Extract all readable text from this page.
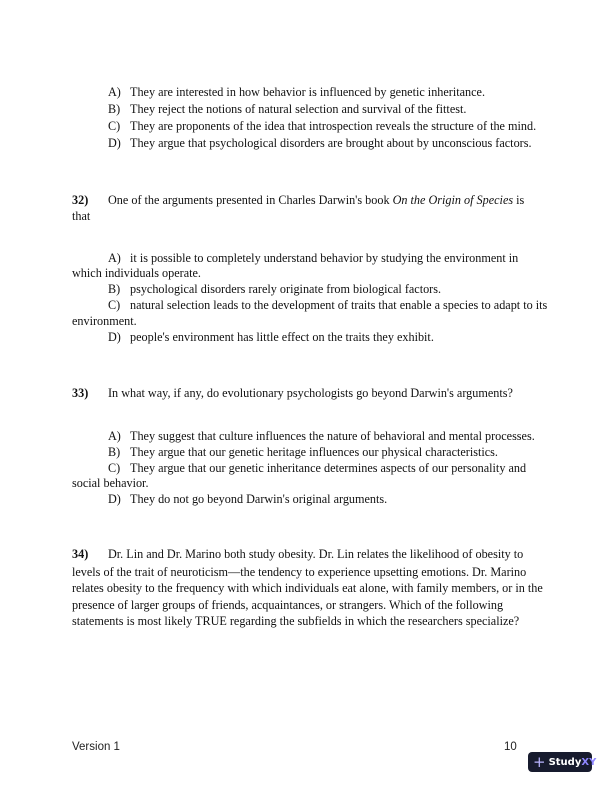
A) They are interested in how behavior is influenced by genetic inheritance.
B) They reject the notions of natural selection and survival of the fittest.
C) They are proponents of the idea that introspection reveals the structure of the mind.
D) They argue that psychological disorders are brought about by unconscious factors.
32) One of the arguments presented in Charles Darwin's book On the Origin of Species is
that
A) it is possible to completely understand behavior by studying the environment in
which individuals operate.
B) psychological disorders rarely originate from biological factors.
C) natural selection leads to the development of traits that enable a species to adapt to its
environment.
D) people's environment has little effect on the traits they exhibit.
33) In what way, if any, do evolutionary psychologists go beyond Darwin's arguments?
A) They suggest that culture influences the nature of behavioral and mental processes.
B) They argue that our genetic heritage influences our physical characteristics.
C) They argue that our genetic inheritance determines aspects of our personality and
social behavior.
D) They do not go beyond Darwin's original arguments.
34) Dr. Lin and Dr. Marino both study obesity. Dr. Lin relates the likelihood of obesity to
levels of the trait of neuroticism—the tendency to experience upsetting emotions. Dr. Marino
relates obesity to the frequency with which individuals eat alone, with family members, or in the
presence of larger groups of friends, acquaintances, or strangers. Which of the following
statements is most likely TRUE regarding the subfields in which the researchers specialize?
Version 1	10
+ StudyXY
